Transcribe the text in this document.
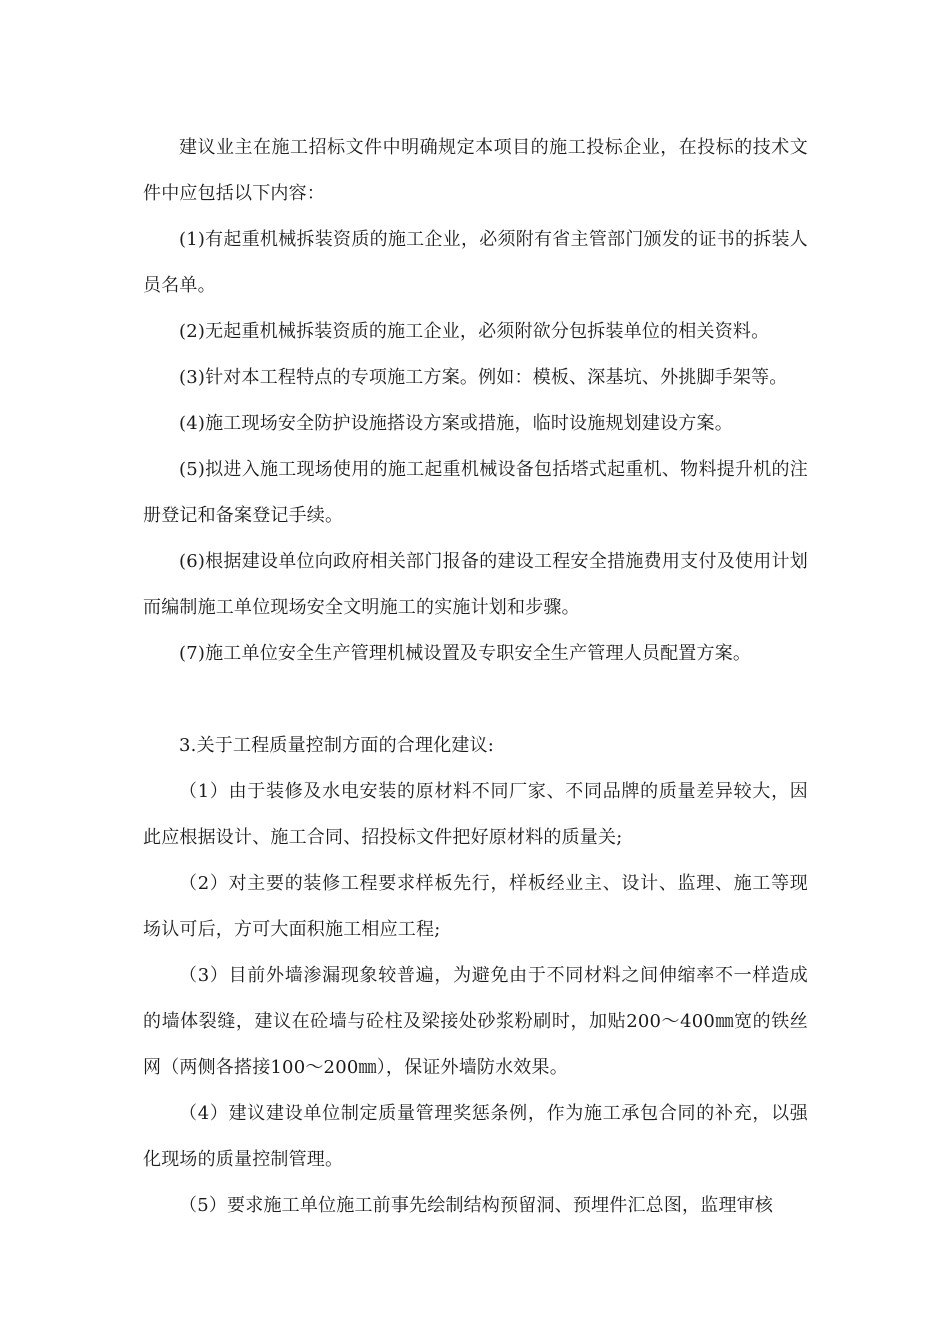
建议业主在施工招标文件中明确规定本项目的施工投标企业，在投标的技术文件中应包括以下内容：

(1)有起重机械拆装资质的施工企业，必须附有省主管部门颁发的证书的拆装人员名单。

(2)无起重机械拆装资质的施工企业，必须附欲分包拆装单位的相关资料。

(3)针对本工程特点的专项施工方案。例如：模板、深基坑、外挑脚手架等。

(4)施工现场安全防护设施搭设方案或措施，临时设施规划建设方案。

(5)拟进入施工现场使用的施工起重机械设备包括塔式起重机、物料提升机的注册登记和备案登记手续。

(6)根据建设单位向政府相关部门报备的建设工程安全措施费用支付及使用计划而编制施工单位现场安全文明施工的实施计划和步骤。

(7)施工单位安全生产管理机械设置及专职安全生产管理人员配置方案。

3.关于工程质量控制方面的合理化建议:

（1）由于装修及水电安装的原材料不同厂家、不同品牌的质量差异较大，因此应根据设计、施工合同、招投标文件把好原材料的质量关;

（2）对主要的装修工程要求样板先行，样板经业主、设计、监理、施工等现场认可后，方可大面积施工相应工程;

（3）目前外墙渗漏现象较普遍，为避免由于不同材料之间伸缩率不一样造成的墙体裂缝，建议在砼墙与砼柱及梁接处砂浆粉刷时，加贴200～400㎜宽的铁丝网（两侧各搭接100～200㎜），保证外墙防水效果。

（4）建议建设单位制定质量管理奖惩条例，作为施工承包合同的补充，以强化现场的质量控制管理。

（5）要求施工单位施工前事先绘制结构预留洞、预埋件汇总图，监理审核
